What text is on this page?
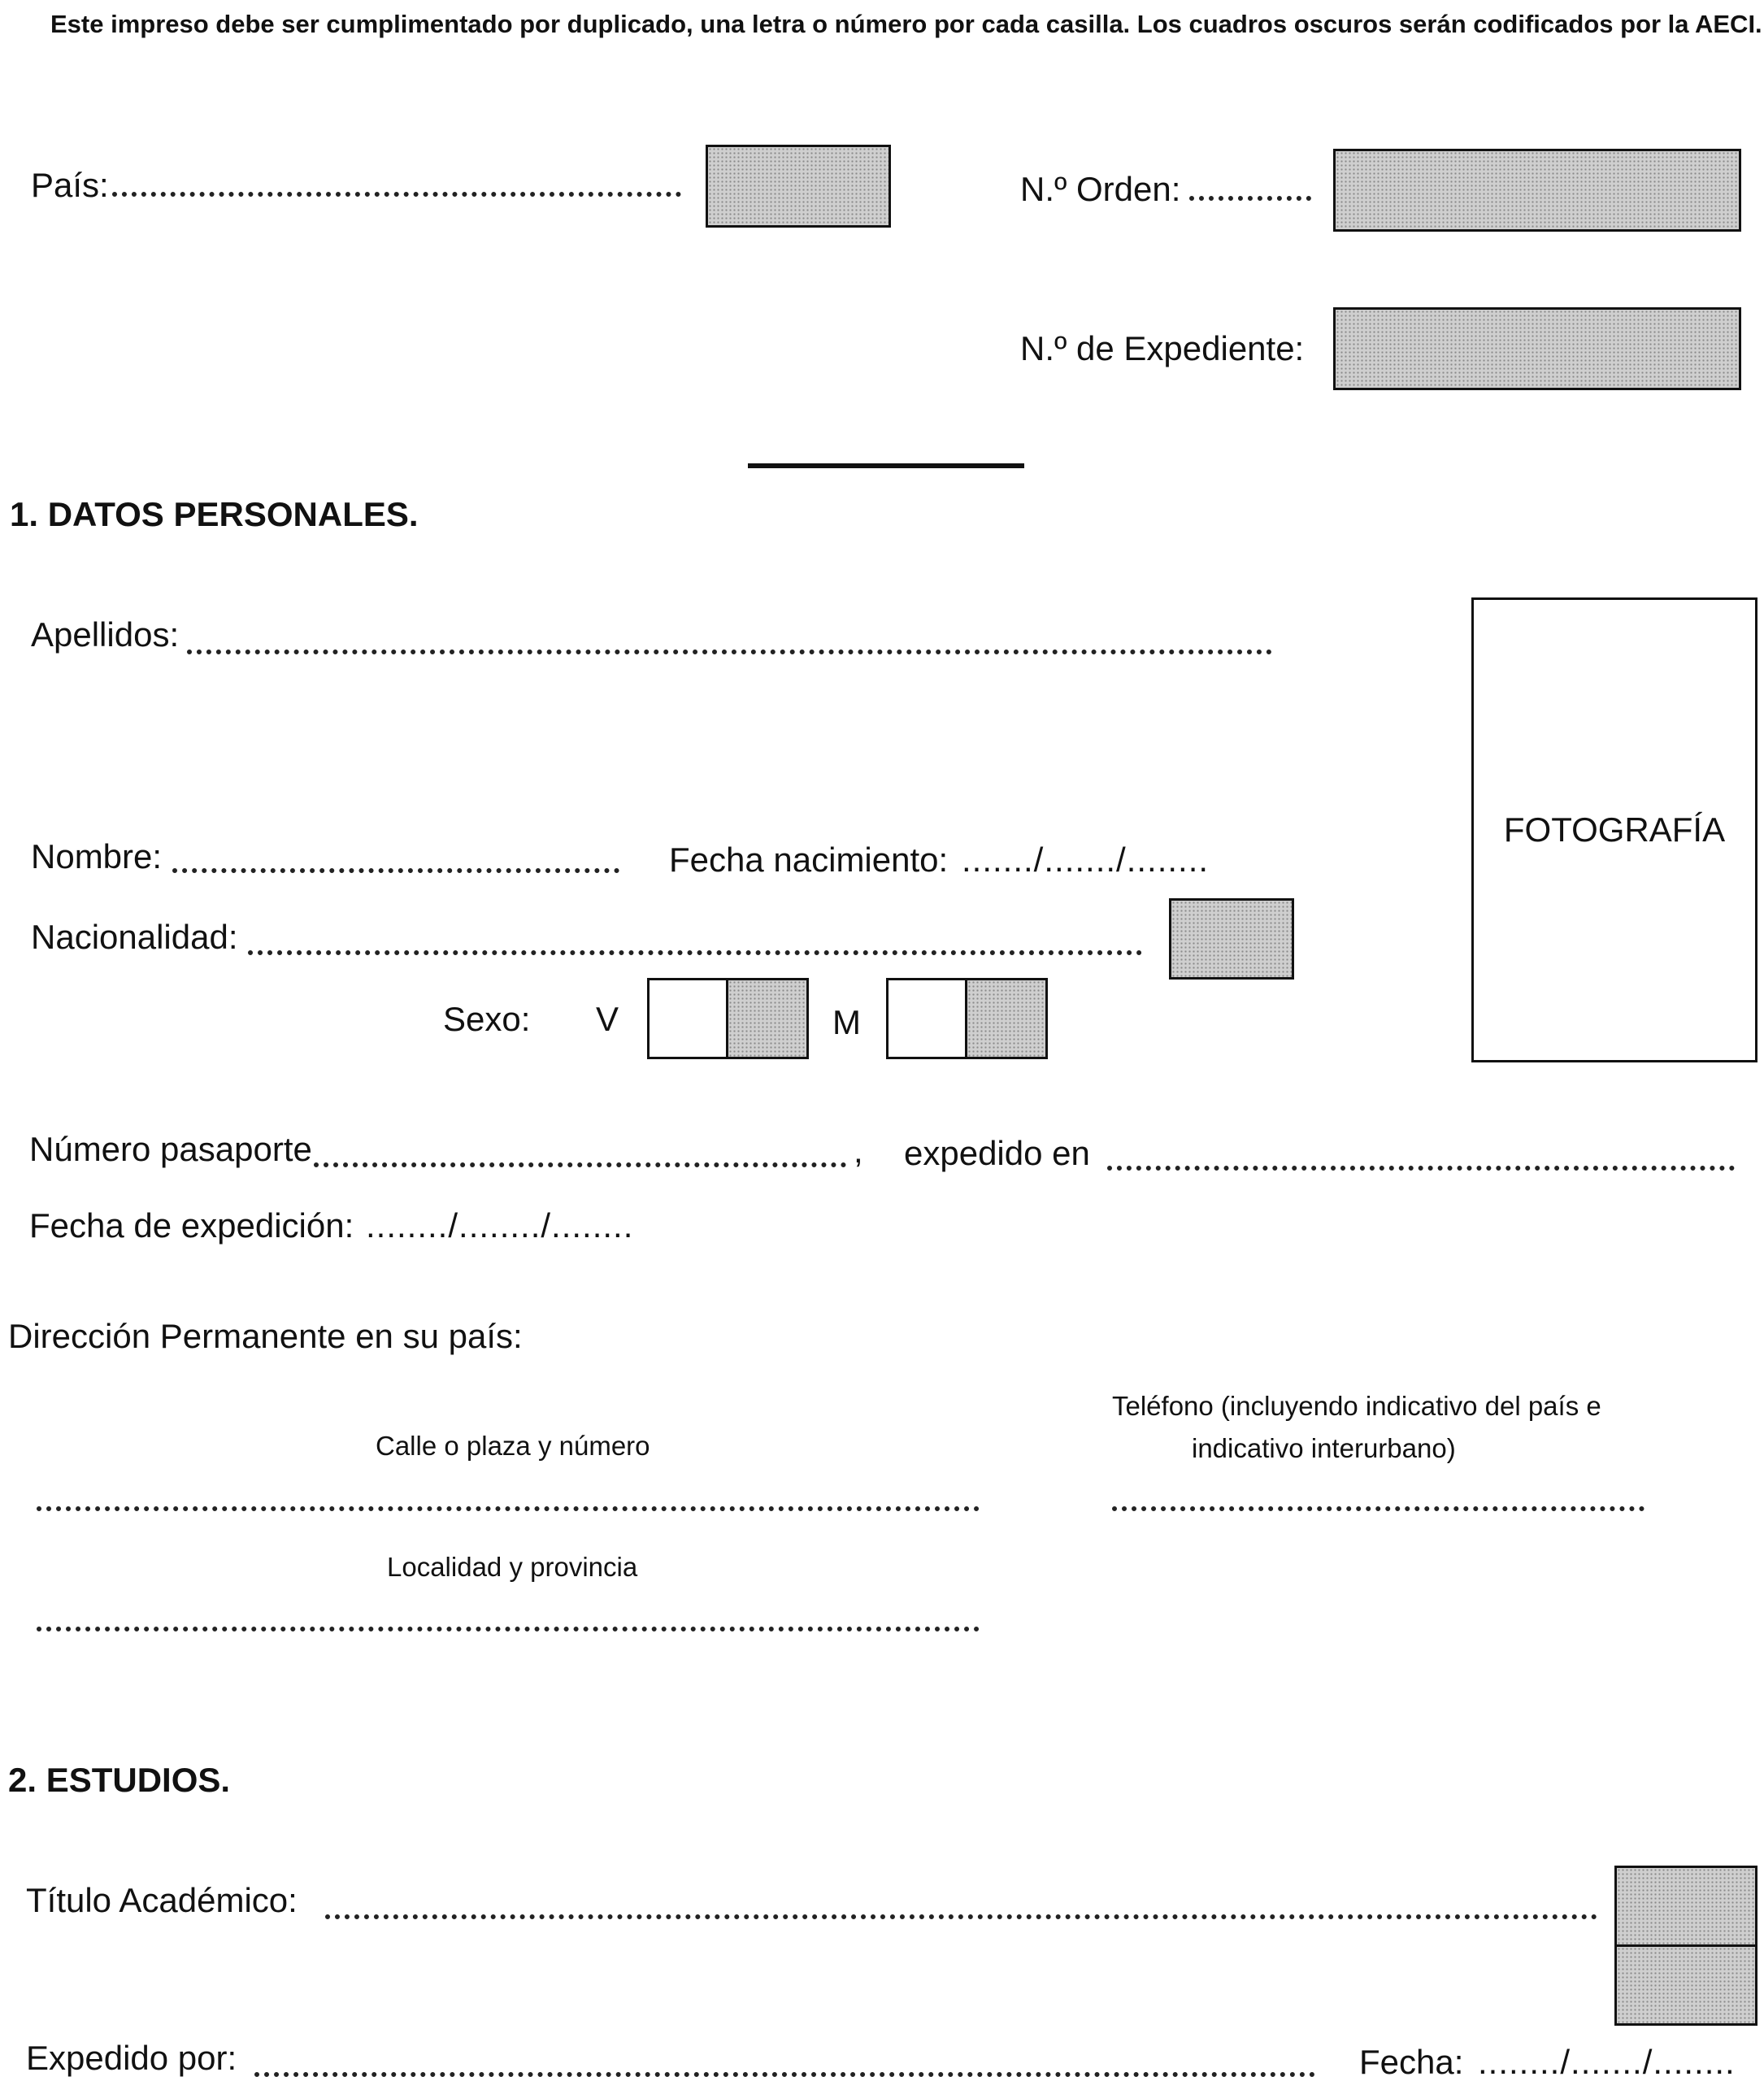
Este impreso debe ser cumplimentado por duplicado, una letra o número por cada casilla. Los cuadros oscuros serán codificados por la AECI.
País:	N.º Orden:
N.º de Expediente:
1. DATOS PERSONALES.
Apellidos:
FOTOGRAFÍA
Nombre:	Fecha nacimiento: ......./......./........
Nacionalidad:
Sexo: V	M
Número pasaporte	, expedido en
Fecha de expedición: ......../......../........
Dirección Permanente en su país:
Teléfono (incluyendo indicativo del país e
indicativo interurbano)
Calle o plaza y número
Localidad y provincia
2. ESTUDIOS.
Título Académico:
Expedido por:	Fecha: ......../......./........
